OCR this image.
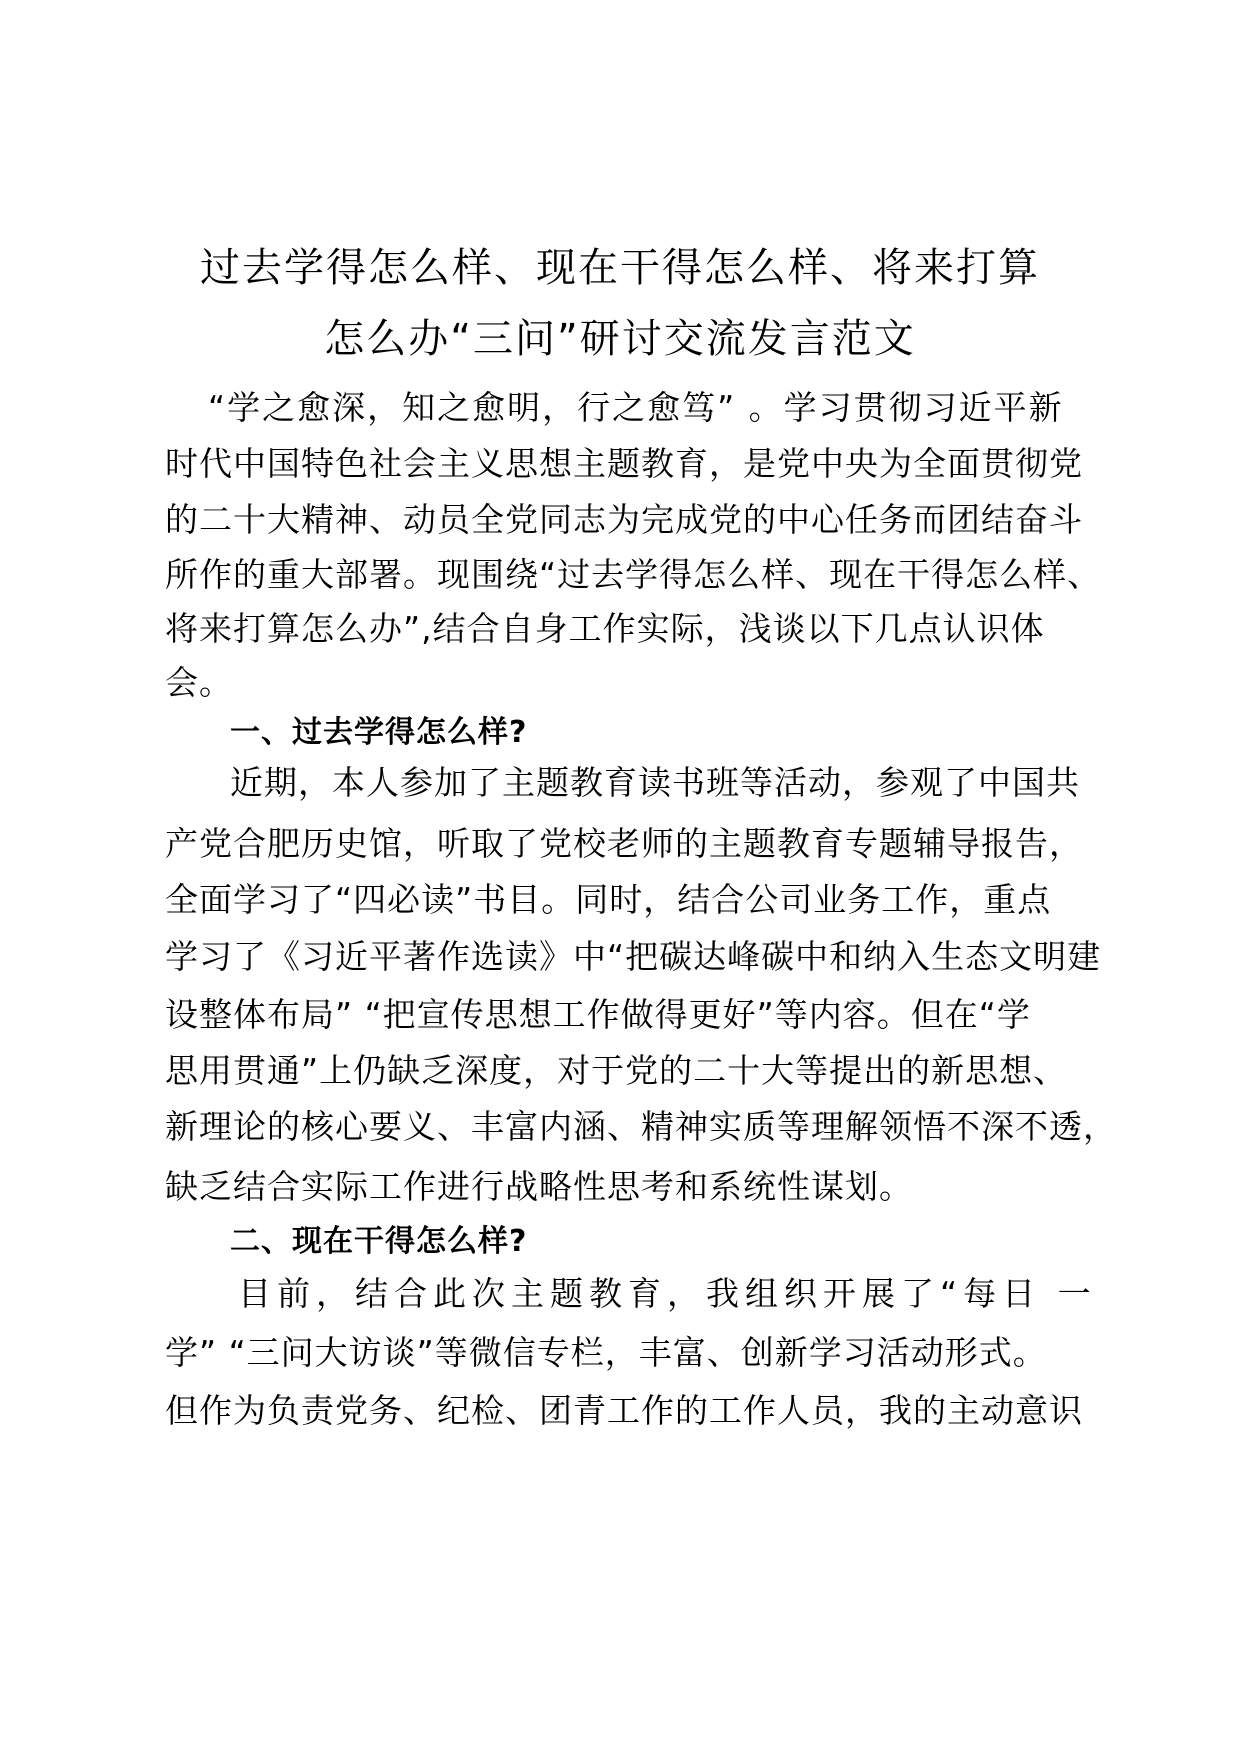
过去学得怎么样、现在干得怎么样、将来打算
怎么办“三问”研讨交流发言范文
“学之愈深，知之愈明，行之愈笃” 。学习贯彻习近平新
时代中国特色社会主义思想主题教育，是党中央为全面贯彻党
的二十大精神、动员全党同志为完成党的中心任务而团结奋斗
所作的重大部署。现围绕“过去学得怎么样、现在干得怎么样、
将来打算怎么办”,结合自身工作实际，浅谈以下几点认识体
会。
一、过去学得怎么样?
近期，本人参加了主题教育读书班等活动，参观了中国共
产党合肥历史馆，听取了党校老师的主题教育专题辅导报告，
全面学习了“四必读”书目。同时，结合公司业务工作，重点
学习了《习近平著作选读》中“把碳达峰碳中和纳入生态文明建
设整体布局” “把宣传思想工作做得更好”等内容。但在“学
思用贯通”上仍缺乏深度，对于党的二十大等提出的新思想、
新理论的核心要义、丰富内涵、精神实质等理解领悟不深不透，
缺乏结合实际工作进行战略性思考和系统性谋划。
二、现在干得怎么样?
目前，结合此次主题教育，我组织开展了“每日 一
学” “三问大访谈”等微信专栏，丰富、创新学习活动形式。
但作为负责党务、纪检、团青工作的工作人员，我的主动意识
